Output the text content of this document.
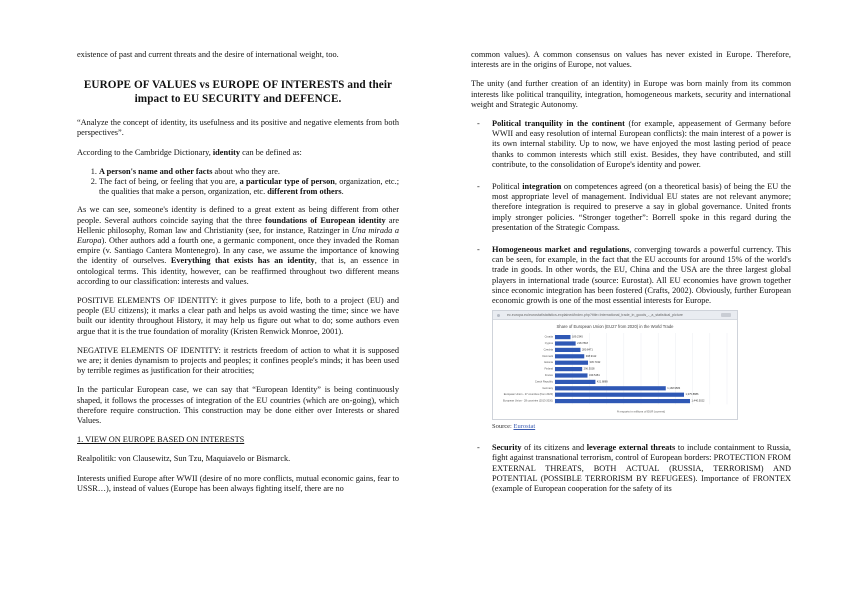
existence of past and current threats and the desire of international weight, too.

EUROPE OF VALUES vs EUROPE OF INTERESTS and their
impact to EU SECURITY and DEFENCE.

“Analyze the concept of identity, its usefulness and its positive and negative elements from both perspectives”.

According to the Cambridge Dictionary, identity can be defined as:

1. A person's name and other facts about who they are.
2. The fact of being, or feeling that you are, a particular type of person, organization, etc.; the qualities that make a person, organization, etc. different from others.

As we can see, someone's identity is defined to a great extent as being different from other people. Several authors coincide saying that the three foundations of European identity are Hellenic philosophy, Roman law and Christianity (see, for instance, Ratzinger in Una mirada a Europa). Other authors add a fourth one, a germanic component, once they invaded the Roman empire (v. Santiago Cantera Montenegro). In any case, we assume the importance of knowing the identity of ourselves. Everything that exists has an identity, that is, an essence in ontological terms. This identity, however, can be reaffirmed throughout two different means according to our classification: interests and values.

POSITIVE ELEMENTS OF IDENTITY: it gives purpose to life, both to a project (EU) and people (EU citizens); it marks a clear path and helps us avoid wasting the time; since we have built our identity throughout History, it may help us figure out what to do; some authors even argue that it is the true foundation of morality (Kristen Renwick Monroe, 2001).

NEGATIVE ELEMENTS OF IDENTITY: it restricts freedom of action to what it is supposed we are; it denies dynamism to projects and peoples; it confines people's minds; it has been used by terrible regimes as justification for their atrocities;

In the particular European case, we can say that “European Identity” is being continuously shaped, it follows the processes of integration of the EU countries (which are on-going), which therefore require construction. This construction may be done either over Interests or shared Values.

1. VIEW ON EUROPE BASED ON INTERESTS

Realpolitik: von Clausewitz, Sun Tzu, Maquiavelo or Bismarck.

Interests unified Europe after WWII (desire of no more conflicts, mutual economic gains, fear to USSR…), instead of values (Europe has been always fighting itself, there are no

common values). A common consensus on values has never existed in Europe. Therefore, interests are in the origins of Europe, not values.

The unity (and further creation of an identity) in Europe was born mainly from its common interests like political tranquility, integration, homogeneous markets, security and international weight and Strategic Autonomy.

- Political tranquility in the continent (for example, appeasement of Germany before WWII and easy resolution of internal European conflicts): the main interest of a power is its own internal stability. Up to now, we have enjoyed the most lasting period of peace thanks to common interests which still exist. Besides, they have contributed, and still contribute, to the consolidation of Europe's identity and power.
- Political integration on competences agreed (on a theoretical basis) of being the EU the most appropriate level of management. Individual EU states are not relevant anymore; therefore integration is required to preserve a say in global governance. United fronts imply stronger policies. “Stronger together”: Borrell spoke in this regard during the presentation of the Strategic Compass.
- Homogeneous market and regulations, converging towards a powerful currency. This can be seen, for example, in the fact that the EU accounts for around 15% of the world's trade in goods. In other words, the EU, China and the USA are the three largest global players in international trade (source: Eurostat). All EU economies have grown together since economic integration has been fostered (Crafts, 2002). Obviously, further European economic growth is one of the most essential interests for Europe.
ec.europa.eu/eurostat/statistics-explained/index.php?title=International_trade_in_goods_-_a_statistical_picture
Share of European Union (EU27 from 2020) in the World Trade
Croatia	189.2345
Cyprus	218.7818
Czechia	280.8471
Denmark	308.9112
Estonia	345.7432
Finland	296.3028
France	349.5481
Czech Republic	421.8889
Germany	1,168.9583
European Union - 27 countries (from 2020)	1,375.8886
European Union - 28 countries (2013-2020)	1,440.5022
% exports in millions of EUR (current)
Source: Eurostat
- Security of its citizens and leverage external threats to include containment to Russia, fight against transnational terrorism, control of European borders: PROTECTION FROM EXTERNAL THREATS, BOTH ACTUAL (RUSSIA, TERRORISM) AND POTENTIAL (POSSIBLE TERRORISM BY REFUGEES). Importance of FRONTEX (example of European cooperation for the safety of its
